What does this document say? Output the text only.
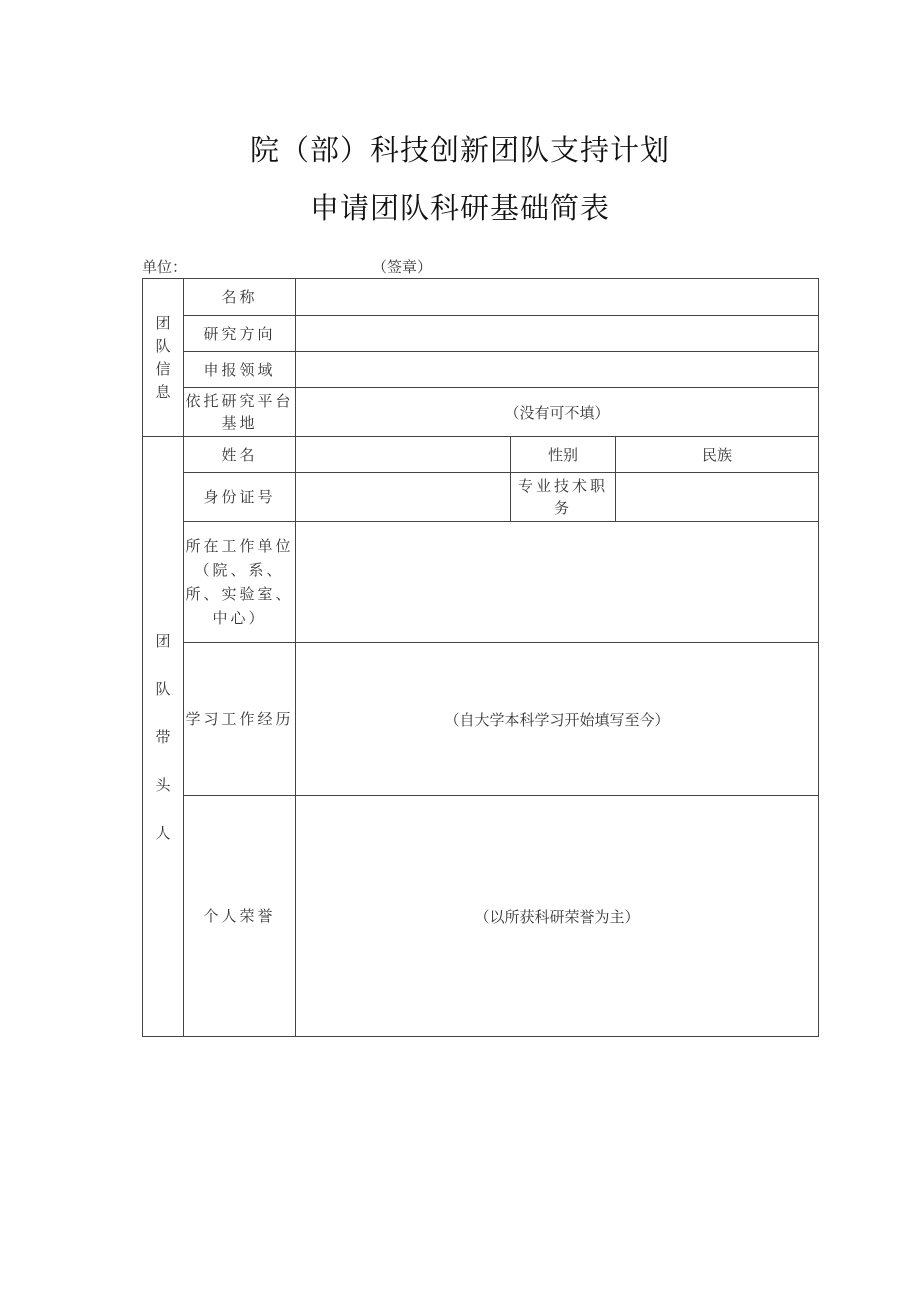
院（部）科技创新团队支持计划
申请团队科研基础简表
单位：	（签章）
团
队
信
息	名称			
	研究方向			
	申报领域			
	依托研究平台基地	（没有可不填）		
团
队
带
头
人	姓名		性别	民族
	身份证号		专业技术职务	
	所在工作单位（院、系、所、实验室、中心）			
	学习工作经历	（自大学本科学习开始填写至今）		
	个人荣誉	（以所获科研荣誉为主）		
